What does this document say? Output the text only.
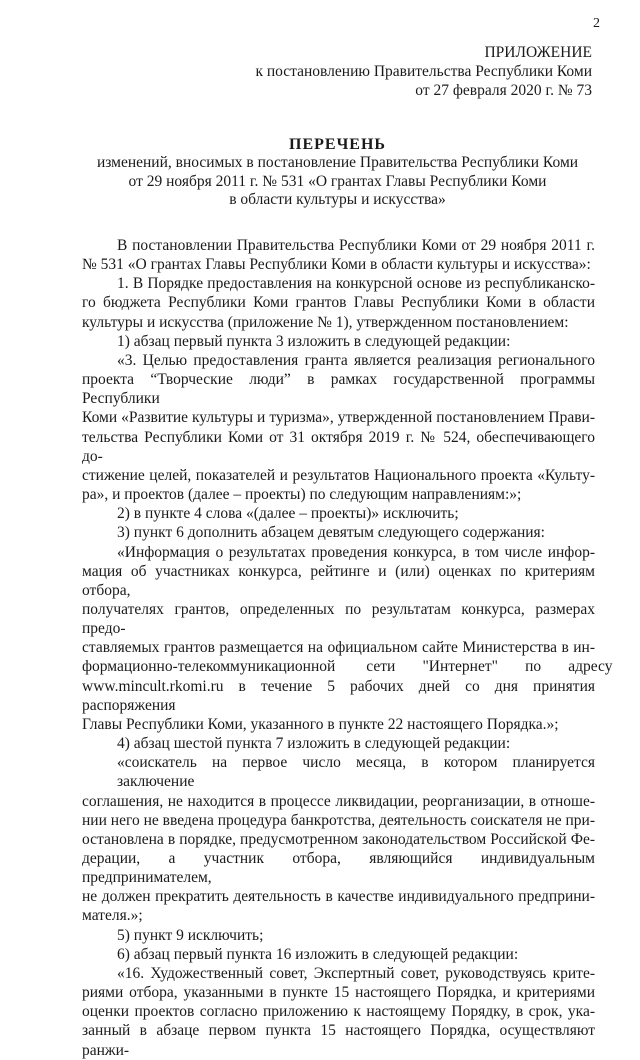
2
ПРИЛОЖЕНИЕ
к постановлению Правительства Республики Коми
от 27 февраля 2020 г. № 73
ПЕРЕЧЕНЬ
изменений, вносимых в постановление Правительства Республики Коми
от 29 ноября 2011 г. № 531 «О грантах Главы Республики Коми
в области культуры и искусства»
В постановлении Правительства Республики Коми от 29 ноября 2011 г.
№ 531 «О грантах Главы Республики Коми в области культуры и искусства»:
1. В Порядке предоставления на конкурсной основе из республиканско-
го бюджета Республики Коми грантов Главы Республики Коми в области
культуры и искусства (приложение № 1), утвержденном постановлением:
1) абзац первый пункта 3 изложить в следующей редакции:
«3. Целью предоставления гранта является реализация регионального
проекта “Творческие люди” в рамках государственной программы Республики
Коми «Развитие культуры и туризма», утвержденной постановлением Прави-
тельства Республики Коми от 31 октября 2019 г. № 524, обеспечивающего до-
стижение целей, показателей и результатов Национального проекта «Культу-
ра», и проектов (далее – проекты) по следующим направлениям:»;
2) в пункте 4 слова «(далее – проекты)» исключить;
3) пункт 6 дополнить абзацем девятым следующего содержания:
«Информация о результатах проведения конкурса, в том числе инфор-
мация об участниках конкурса, рейтинге и (или) оценках по критериям отбора,
получателях грантов, определенных по результатам конкурса, размерах предо-
ставляемых грантов размещается на официальном сайте Министерства в ин-
формационно-телекоммуникационной        сети       "Интернет"       по       адресу
www.mincult.rkomi.ru в течение 5 рабочих дней со дня принятия распоряжения
Главы Республики Коми, указанного в пункте 22 настоящего Порядка.»;
4) абзац шестой пункта 7 изложить в следующей редакции:
«соискатель на первое число месяца, в котором планируется заключение
соглашения, не находится в процессе ликвидации, реорганизации, в отноше-
нии него не введена процедура банкротства, деятельность соискателя не при-
остановлена в порядке, предусмотренном законодательством Российской Фе-
дерации, а участник отбора, являющийся индивидуальным предпринимателем,
не должен прекратить деятельность в качестве индивидуального предприни-
мателя.»;
5) пункт 9 исключить;
6) абзац первый пункта 16 изложить в следующей редакции:
«16. Художественный совет, Экспертный совет, руководствуясь крите-
риями отбора, указанными в пункте 15 настоящего Порядка, и критериями
оценки проектов согласно приложению к настоящему Порядку, в срок, ука-
занный в абзаце первом пункта 15 настоящего Порядка, осуществляют ранжи-
